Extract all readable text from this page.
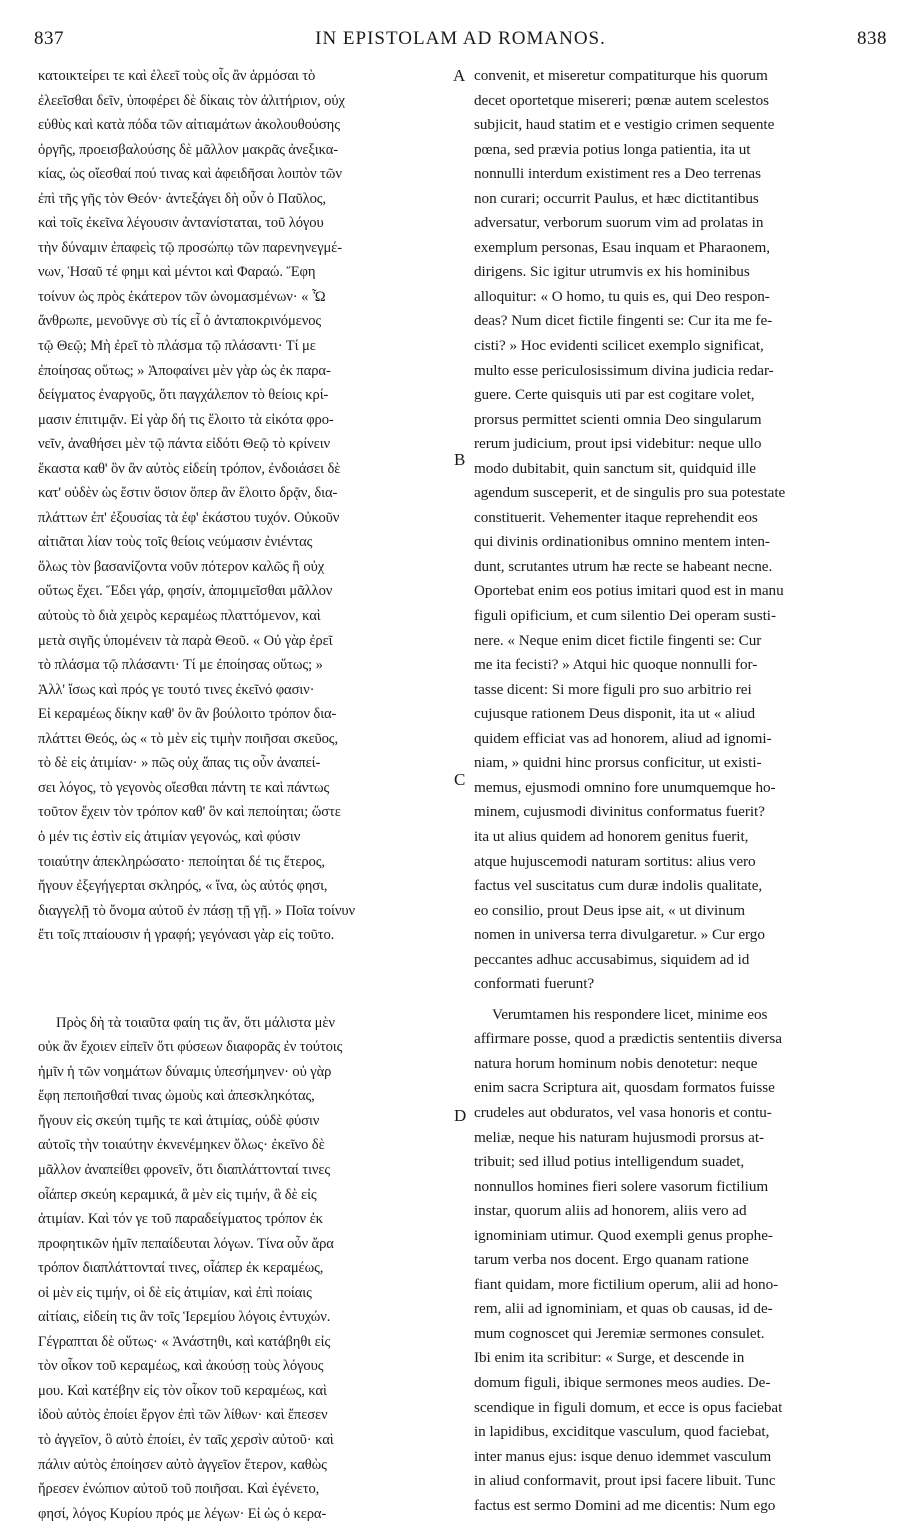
837	IN EPISTOLAM AD ROMANOS.	838
κατοικτείρει τε καὶ ἐλεεῖ τοὺς οἷς ἂν ἁρμόσαι τὸ
ἐλεεῖσθαι δεῖν, ὑποφέρει δὲ δίκαις τὸν ἀλιτήριον, οὐχ
εὐθὺς καὶ κατὰ πόδα τῶν αἰτιαμάτων ἀκολουθούσης
ὀργῆς, προεισβαλούσης δὲ μᾶλλον μακρᾶς ἀνεξικα-
κίας, ὡς οἴεσθαί πού τινας καὶ ἀφειδῆσαι λοιπὸν τῶν
ἐπὶ τῆς γῆς τὸν Θεόν· ἀντεξάγει δὴ οὖν ὁ Παῦλος,
καὶ τοῖς ἐκεῖνα λέγουσιν ἀντανίσταται, τοῦ λόγου
τὴν δύναμιν ἐπαφεὶς τῷ προσώπῳ τῶν παρενηνεγμέ-
νων, Ἡσαῦ τέ φημι καὶ μέντοι καὶ Φαραώ. Ἔφη
τοίνυν ὡς πρὸς ἑκάτερον τῶν ὠνομασμένων· « Ὦ
ἄνθρωπε, μενοῦνγε σὺ τίς εἶ ὁ ἀνταποκρινόμενος
τῷ Θεῷ; Μὴ ἐρεῖ τὸ πλάσμα τῷ πλάσαντι· Τί με
ἐποίησας οὕτως; » Ἀποφαίνει μὲν γὰρ ὡς ἐκ παρα-
δείγματος ἐναργοῦς, ὅτι παγχάλεπον τὸ θείοις κρί-
μασιν ἐπιτιμᾷν. Εἰ γὰρ δή τις ἕλοιτο τὰ εἰκότα φρο-
νεῖν, ἀναθήσει μὲν τῷ πάντα εἰδότι Θεῷ τὸ κρίνειν
ἕκαστα καθ' ὃν ἂν αὐτὸς εἰδείη τρόπον, ἐνδοιάσει δὲ
κατ' οὐδὲν ὡς ἔστιν ὅσιον ὅπερ ἂν ἕλοιτο δρᾷν, δια-
πλάττων ἐπ' ἐξουσίας τὰ ἐφ' ἑκάστου τυχόν. Οὐκοῦν
αἰτιᾶται λίαν τοὺς τοῖς θείοις νεύμασιν ἐνιέντας
ὅλως τὸν βασανίζοντα νοῦν πότερον καλῶς ἢ οὐχ
οὕτως ἔχει. Ἔδει γάρ, φησίν, ἀπομιμεῖσθαι μᾶλλον
αὐτοὺς τὸ διὰ χειρὸς κεραμέως πλαττόμενον, καὶ
μετὰ σιγῆς ὑπομένειν τὰ παρὰ Θεοῦ. « Οὐ γὰρ ἐρεῖ
τὸ πλάσμα τῷ πλάσαντι· Τί με ἐποίησας οὕτως; »
Ἀλλ' ἴσως καὶ πρός γε τουτό τινες ἐκεῖνό φασιν·
Εἰ κεραμέως δίκην καθ' ὃν ἂν βούλοιτο τρόπον δια-
πλάττει Θεός, ὡς « τὸ μὲν εἰς τιμὴν ποιῆσαι σκεῦος,
τὸ δὲ εἰς ἀτιμίαν· » πῶς οὐχ ἅπας τις οὖν ἀναπεί-
σει λόγος, τὸ γεγονὸς οἴεσθαι πάντη τε καὶ πάντως
τοῦτον ἔχειν τὸν τρόπον καθ' ὃν καὶ πεποίηται; ὥστε
ὁ μέν τις ἐστὶν εἰς ἀτιμίαν γεγονώς, καὶ φύσιν
τοιαύτην ἀπεκληρώσατο· πεποίηται δέ τις ἕτερος,
ἤγουν ἐξεγήγερται σκληρός, « ἵνα, ὡς αὐτός φησι,
διαγγελῇ τὸ ὄνομα αὐτοῦ ἐν πάσῃ τῇ γῇ. » Ποῖα τοίνυν
ἔτι τοῖς πταίουσιν ἡ γραφή; γεγόνασι γὰρ εἰς τοῦτο.
Πρὸς δὴ τὰ τοιαῦτα φαίη τις ἄν, ὅτι μάλιστα μὲν
οὐκ ἂν ἔχοιεν εἰπεῖν ὅτι φύσεων διαφορᾶς ἐν τούτοις
ἡμῖν ἡ τῶν νοημάτων δύναμις ὑπεσήμηνεν· οὐ γὰρ
ἔφη πεποιῆσθαί τινας ὠμοὺς καὶ ἀπεσκληκότας,
ἤγουν εἰς σκεύη τιμῆς τε καὶ ἀτιμίας, οὐδὲ φύσιν
αὐτοῖς τὴν τοιαύτην ἐκνενέμηκεν ὅλως· ἐκεῖνο δὲ
μᾶλλον ἀναπείθει φρονεῖν, ὅτι διαπλάττονταί τινες
οἷάπερ σκεύη κεραμικά, ἃ μὲν εἰς τιμήν, ἃ δὲ εἰς
ἀτιμίαν. Καὶ τόν γε τοῦ παραδείγματος τρόπον ἐκ
προφητικῶν ἡμῖν πεπαίδευται λόγων. Τίνα οὖν ἄρα
τρόπον διαπλάττονταί τινες, οἷάπερ ἐκ κεραμέως,
οἱ μὲν εἰς τιμήν, οἱ δὲ εἰς ἀτιμίαν, καὶ ἐπὶ ποίαις
αἰτίαις, εἰδείη τις ἂν τοῖς Ἱερεμίου λόγοις ἐντυχών.
Γέγραπται δὲ οὕτως· « Ἀνάστηθι, καὶ κατάβηθι εἰς
τὸν οἶκον τοῦ κεραμέως, καὶ ἀκούσῃ τοὺς λόγους
μου. Καὶ κατέβην εἰς τὸν οἶκον τοῦ κεραμέως, καὶ
ἰδοὺ αὐτὸς ἐποίει ἔργον ἐπὶ τῶν λίθων· καὶ ἔπεσεν
τὸ ἀγγεῖον, ὃ αὐτὸ ἐποίει, ἐν ταῖς χερσὶν αὐτοῦ· καὶ
πάλιν αὐτὸς ἐποίησεν αὐτὸ ἀγγεῖον ἕτερον, καθὼς
ἤρεσεν ἐνώπιον αὐτοῦ τοῦ ποιῆσαι. Καὶ ἐγένετο,
φησί, λόγος Κυρίου πρός με λέγων· Εἰ ὡς ὁ κερα-
convenit, et miseretur compatiturque his quorum
decet oportetque misereri; pœnæ autem scelestos
subjicit, haud statim et e vestigio crimen sequente
pœna, sed prævia potius longa patientia, ita ut
nonnulli interdum existiment res a Deo terrenas
non curari; occurrit Paulus, et hæc dictitantibus
adversatur, verborum suorum vim ad prolatas in
exemplum personas, Esau inquam et Pharaonem,
dirigens. Sic igitur utrumvis ex his hominibus
alloquitur: « O homo, tu quis es, qui Deo respon-
deas? Num dicet fictile fingenti se: Cur ita me fe-
cisti? » Hoc evidenti scilicet exemplo significat,
multo esse periculosissimum divina judicia redar-
guere. Certe quisquis uti par est cogitare volet,
prorsus permittet scienti omnia Deo singularum
rerum judicium, prout ipsi videbitur: neque ullo
modo dubitabit, quin sanctum sit, quidquid ille
agendum susceperit, et de singulis pro sua potestate
constituerit. Vehementer itaque reprehendit eos
qui divinis ordinationibus omnino mentem inten-
dunt, scrutantes utrum hæ recte se habeant necne.
Oportebat enim eos potius imitari quod est in manu
figuli opificium, et cum silentio Dei operam susti-
nere. « Neque enim dicet fictile fingenti se: Cur
me ita fecisti? » Atqui hic quoque nonnulli for-
tasse dicent: Si more figuli pro suo arbitrio rei
cujusque rationem Deus disponit, ita ut « aliud
quidem efficiat vas ad honorem, aliud ad ignomi-
niam, » quidni hinc prorsus conficitur, ut existi-
memus, ejusmodi omnino fore unumquemque ho-
minem, cujusmodi divinitus conformatus fuerit?
ita ut alius quidem ad honorem genitus fuerit,
atque hujuscemodi naturam sortitus: alius vero
factus vel suscitatus cum duræ indolis qualitate,
eo consilio, prout Deus ipse ait, « ut divinum
nomen in universa terra divulgaretur. » Cur ergo
peccantes adhuc accusabimus, siquidem ad id
conformati fuerunt?
Verumtamen his respondere licet, minime eos
affirmare posse, quod a prædictis sententiis diversa
natura horum hominum nobis denotetur: neque
enim sacra Scriptura ait, quosdam formatos fuisse
crudeles aut obduratos, vel vasa honoris et contu-
meliæ, neque his naturam hujusmodi prorsus at-
tribuit; sed illud potius intelligendum suadet,
nonnullos homines fieri solere vasorum fictilium
instar, quorum aliis ad honorem, aliis vero ad
ignominiam utimur. Quod exempli genus prophe-
tarum verba nos docent. Ergo quanam ratione
fiant quidam, more fictilium operum, alii ad hono-
rem, alii ad ignominiam, et quas ob causas, id de-
mum cognoscet qui Jeremiæ sermones consulet.
Ibi enim ita scribitur: « Surge, et descende in
domum figuli, ibique sermones meos audies. De-
scendique in figuli domum, et ecce is opus faciebat
in lapidibus, exciditque vasculum, quod faciebat,
inter manus ejus: isque denuo idemmet vasculum
in aliud conformavit, prout ipsi facere libuit. Tunc
factus est sermo Domini ad me dicentis: Num ego
A
B
C
D
